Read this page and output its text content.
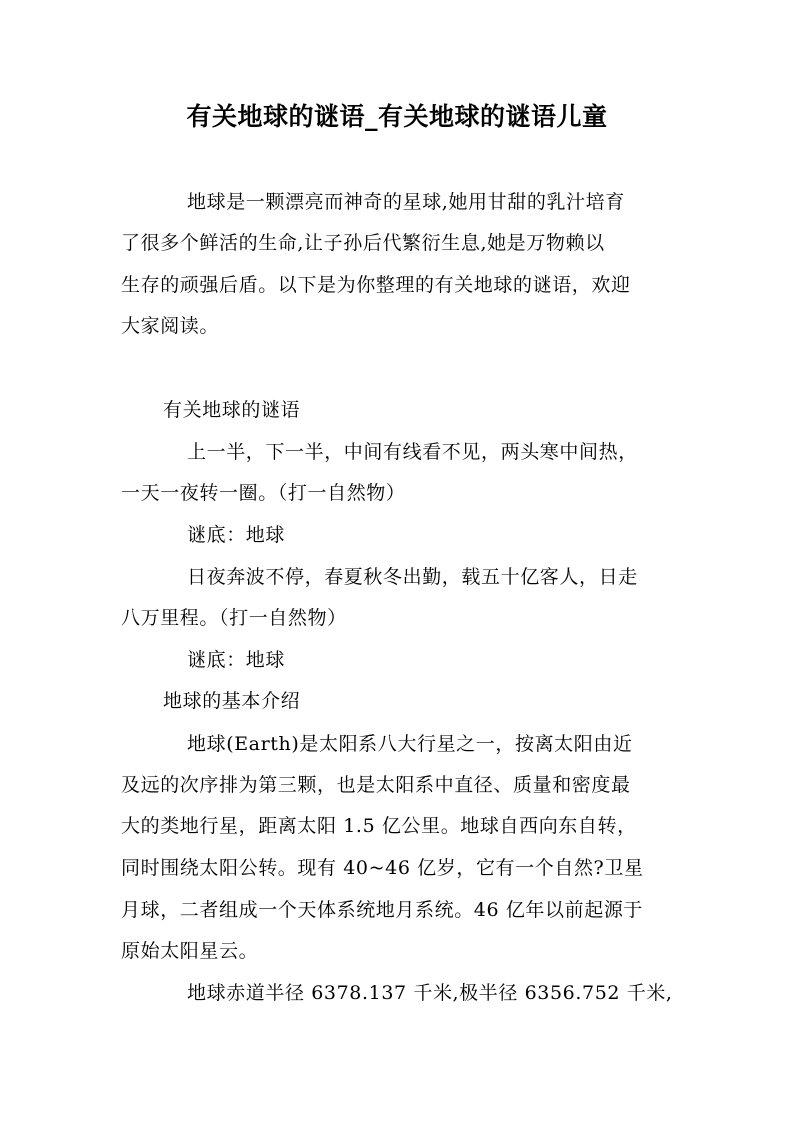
有关地球的谜语_有关地球的谜语儿童
地球是一颗漂亮而神奇的星球,她用甘甜的乳汁培育
了很多个鲜活的生命,让子孙后代繁衍生息,她是万物赖以
生存的顽强后盾。以下是为你整理的有关地球的谜语，欢迎
大家阅读。
有关地球的谜语
上一半，下一半，中间有线看不见，两头寒中间热，
一天一夜转一圈。（打一自然物）
谜底：地球
日夜奔波不停，春夏秋冬出勤，载五十亿客人，日走
八万里程。（打一自然物）
谜底：地球
地球的基本介绍
地球(Earth)是太阳系八大行星之一，按离太阳由近
及远的次序排为第三颗，也是太阳系中直径、质量和密度最
大的类地行星，距离太阳 1.5 亿公里。地球自西向东自转，
同时围绕太阳公转。现有 40~46 亿岁，它有一个自然?卫星
月球，二者组成一个天体系统地月系统。46 亿年以前起源于
原始太阳星云。
地球赤道半径 6378.137 千米,极半径 6356.752 千米,
